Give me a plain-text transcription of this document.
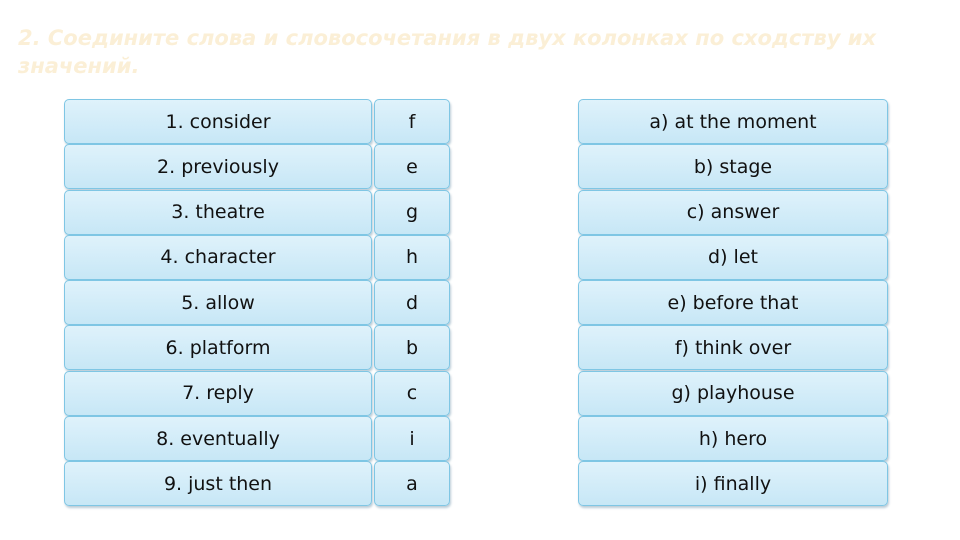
2. Соедините слова и словосочетания в двух колонках по сходству их значений.
1. consider
2. previously
3. theatre
4. character
5. allow
6. platform
7. reply
8. eventually
9. just then
f
e
g
h
d
b
c
i
a
a) at the moment
b) stage
c) answer
d) let
e) before that
f) think over
g) playhouse
h) hero
i) finally
